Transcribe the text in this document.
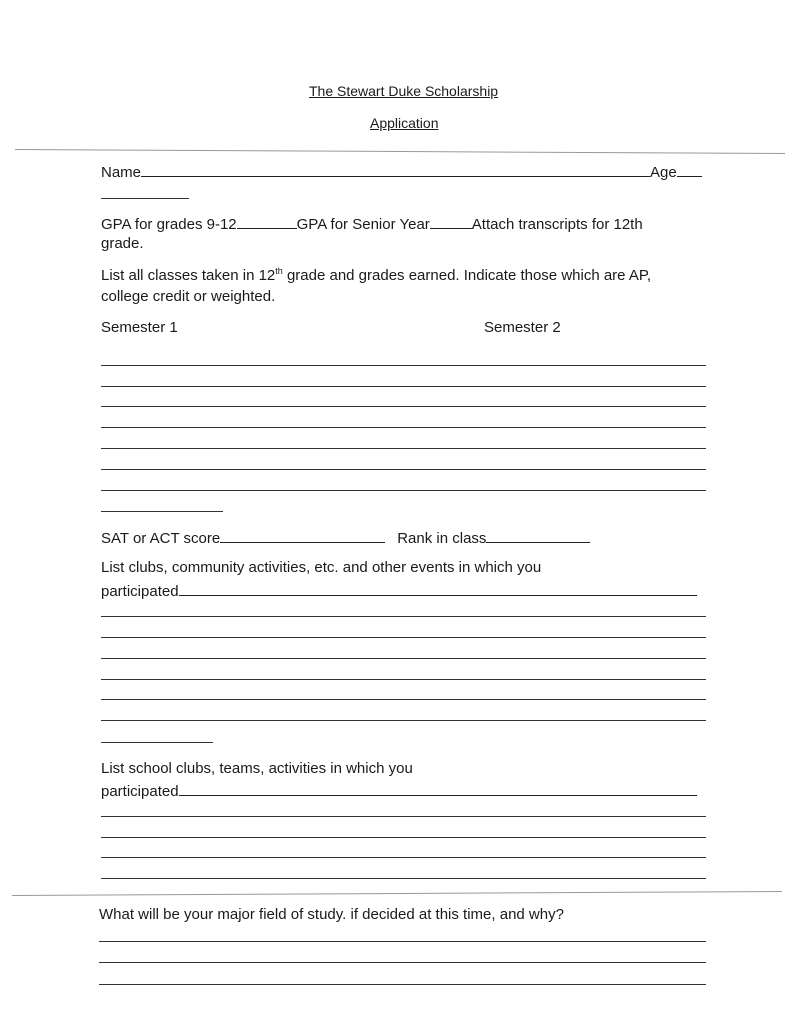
The Stewart Duke Scholarship
Application
Name	Age
GPA for grades 9-12	GPA for Senior Year	Attach transcripts for 12th
grade.
List all classes taken in 12th grade and grades earned. Indicate those which are AP,
college credit or weighted.
Semester 1	Semester 2
SAT or ACT score	Rank in class
List clubs, community activities, etc. and other events in which you
participated
List school clubs, teams, activities in which you
participated
What will be your major field of study. if decided at this time, and why?
